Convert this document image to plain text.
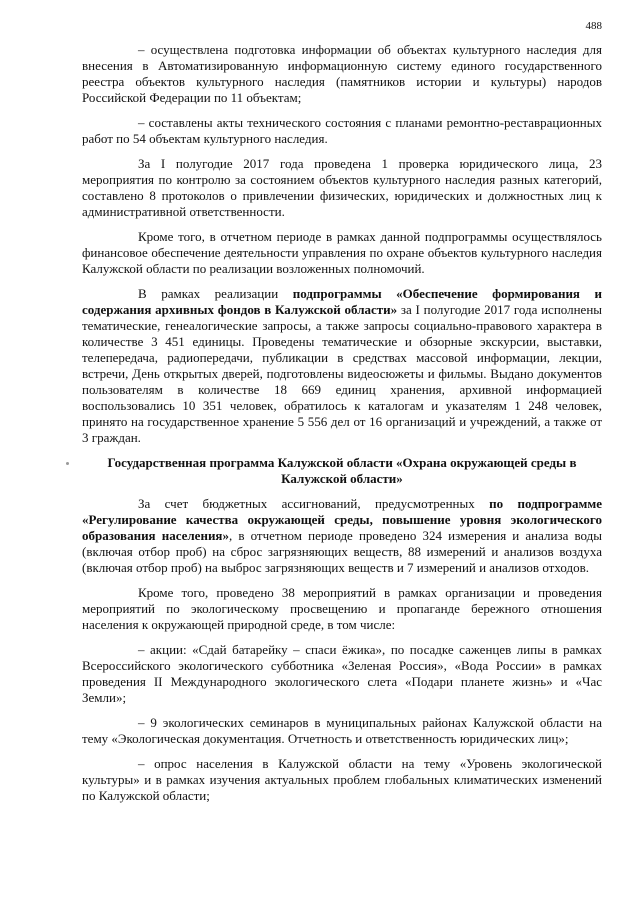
488

– осуществлена подготовка информации об объектах культурного наследия для внесения в Автоматизированную информационную систему единого государственного реестра объектов культурного наследия (памятников истории и культуры) народов Российской Федерации по 11 объектам;

– составлены акты технического состояния с планами ремонтно-реставрационных работ по 54 объектам культурного наследия.

За I полугодие 2017 года проведена 1 проверка юридического лица, 23 мероприятия по контролю за состоянием объектов культурного наследия разных категорий, составлено 8 протоколов о привлечении физических, юридических и должностных лиц к административной ответственности.

Кроме того, в отчетном периоде в рамках данной подпрограммы осуществлялось финансовое обеспечение деятельности управления по охране объектов культурного наследия Калужской области по реализации возложенных полномочий.

В рамках реализации подпрограммы «Обеспечение формирования и содержания архивных фондов в Калужской области» за I полугодие 2017 года исполнены тематические, генеалогические запросы, а также запросы социально-правового характера в количестве 3 451 единицы. Проведены тематические и обзорные экскурсии, выставки, телепередача, радиопередачи, публикации в средствах массовой информации, лекции, встречи, День открытых дверей, подготовлены видеосюжеты и фильмы. Выдано документов пользователям в количестве 18 669 единиц хранения, архивной информацией воспользовались 10 351 человек, обратилось к каталогам и указателям 1 248 человек, принято на государственное хранение 5 556 дел от 16 организаций и учреждений, а также от 3 граждан.

Государственная программа Калужской области «Охрана окружающей среды в Калужской области»

За счет бюджетных ассигнований, предусмотренных по подпрограмме «Регулирование качества окружающей среды, повышение уровня экологического образования населения», в отчетном периоде проведено 324 измерения и анализа воды (включая отбор проб) на сброс загрязняющих веществ, 88 измерений и анализов воздуха (включая отбор проб) на выброс загрязняющих веществ и 7 измерений и анализов отходов.

Кроме того, проведено 38 мероприятий в рамках организации и проведения мероприятий по экологическому просвещению и пропаганде бережного отношения населения к окружающей природной среде, в том числе:

– акции: «Сдай батарейку – спаси ёжика», по посадке саженцев липы в рамках Всероссийского экологического субботника «Зеленая Россия», «Вода России» в рамках проведения II Международного экологического слета «Подари планете жизнь» и «Час Земли»;

– 9 экологических семинаров в муниципальных районах Калужской области на тему «Экологическая документация. Отчетность и ответственность юридических лиц»;

– опрос населения в Калужской области на тему «Уровень экологической культуры» и в рамках изучения актуальных проблем глобальных климатических изменений по Калужской области;
